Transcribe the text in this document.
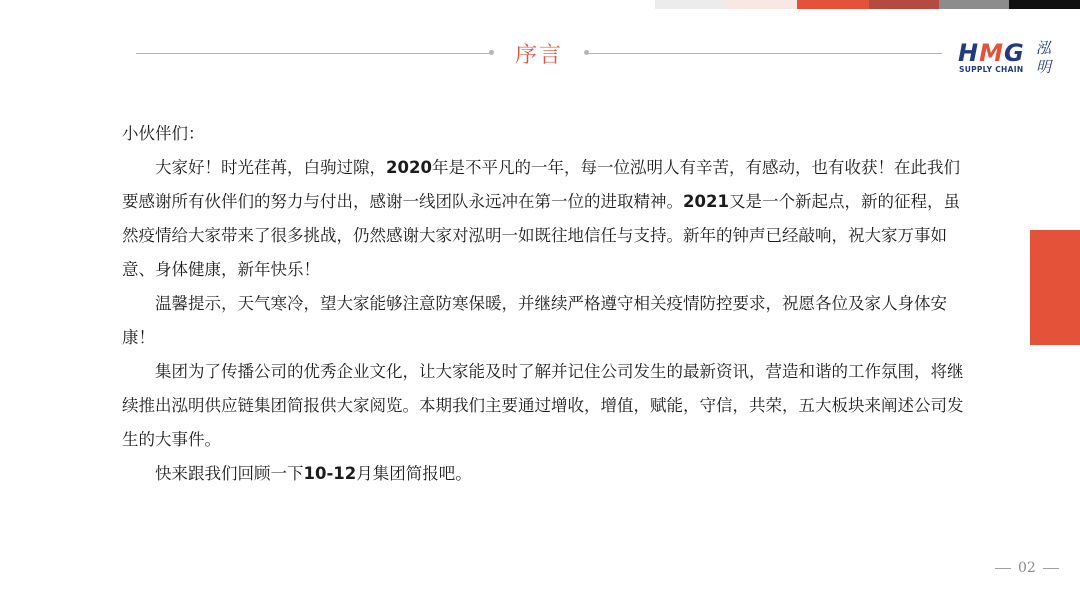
序言	HMG
SUPPLY CHAIN
泓明

小伙伴们：

大家好！时光荏苒，白驹过隙，2020年是不平凡的一年，每一位泓明人有辛苦，有感动，也有收获！在此我们要感谢所有伙伴们的努力与付出，感谢一线团队永远冲在第一位的进取精神。2021又是一个新起点，新的征程，虽然疫情给大家带来了很多挑战，仍然感谢大家对泓明一如既往地信任与支持。新年的钟声已经敲响，祝大家万事如意、身体健康，新年快乐！

温馨提示，天气寒冷，望大家能够注意防寒保暖，并继续严格遵守相关疫情防控要求，祝愿各位及家人身体安康！

集团为了传播公司的优秀企业文化，让大家能及时了解并记住公司发生的最新资讯，营造和谐的工作氛围，将继续推出泓明供应链集团简报供大家阅览。本期我们主要通过增收，增值，赋能，守信，共荣，五大板块来阐述公司发生的大事件。

快来跟我们回顾一下10-12月集团简报吧。

02
